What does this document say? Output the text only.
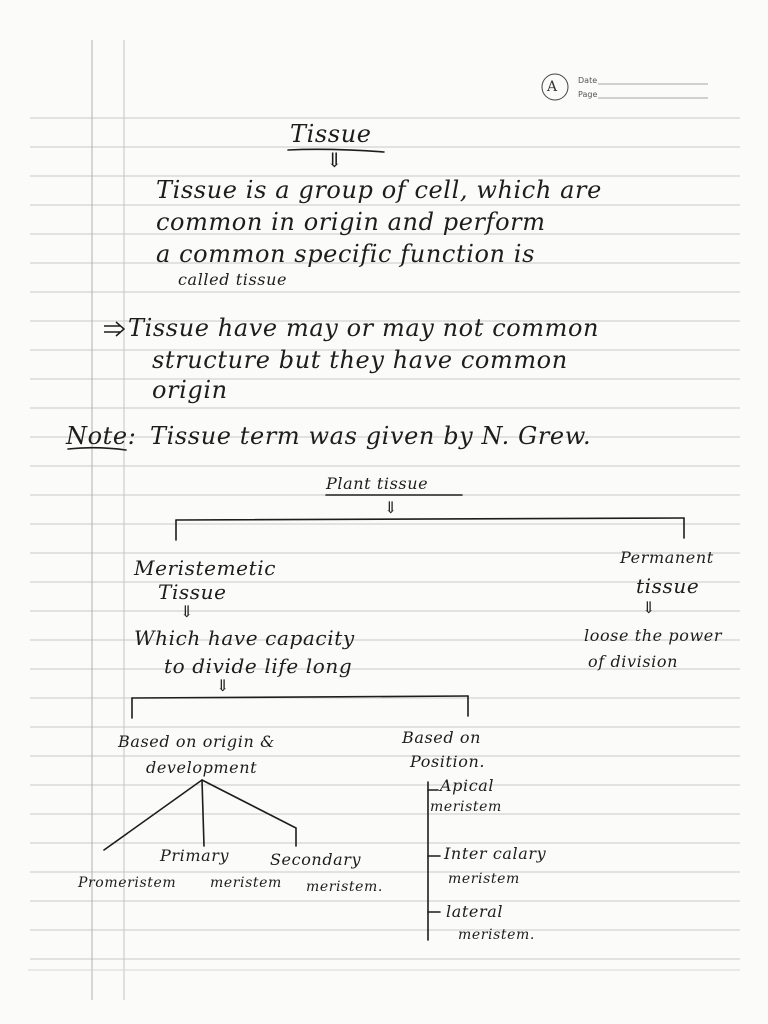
A	Date
Page
Tissue
⇓
Tissue is a group of cell, which are
common in origin and perform
a common specific function is
called tissue
Tissue have may or may not common
structure but they have common
origin
Note: Tissue term was given by N. Grew.
Plant tissue
⇓
Meristemetic
Tissue
⇓
Which have capacity
to divide life long
⇓
Permanent
tissue
⇓
loose the power
of division
Based on origin &
development
Promeristem
Primary
meristem
Secondary
meristem.
Based on
Position.
Apical
meristem
Inter calary
meristem
lateral
meristem.
